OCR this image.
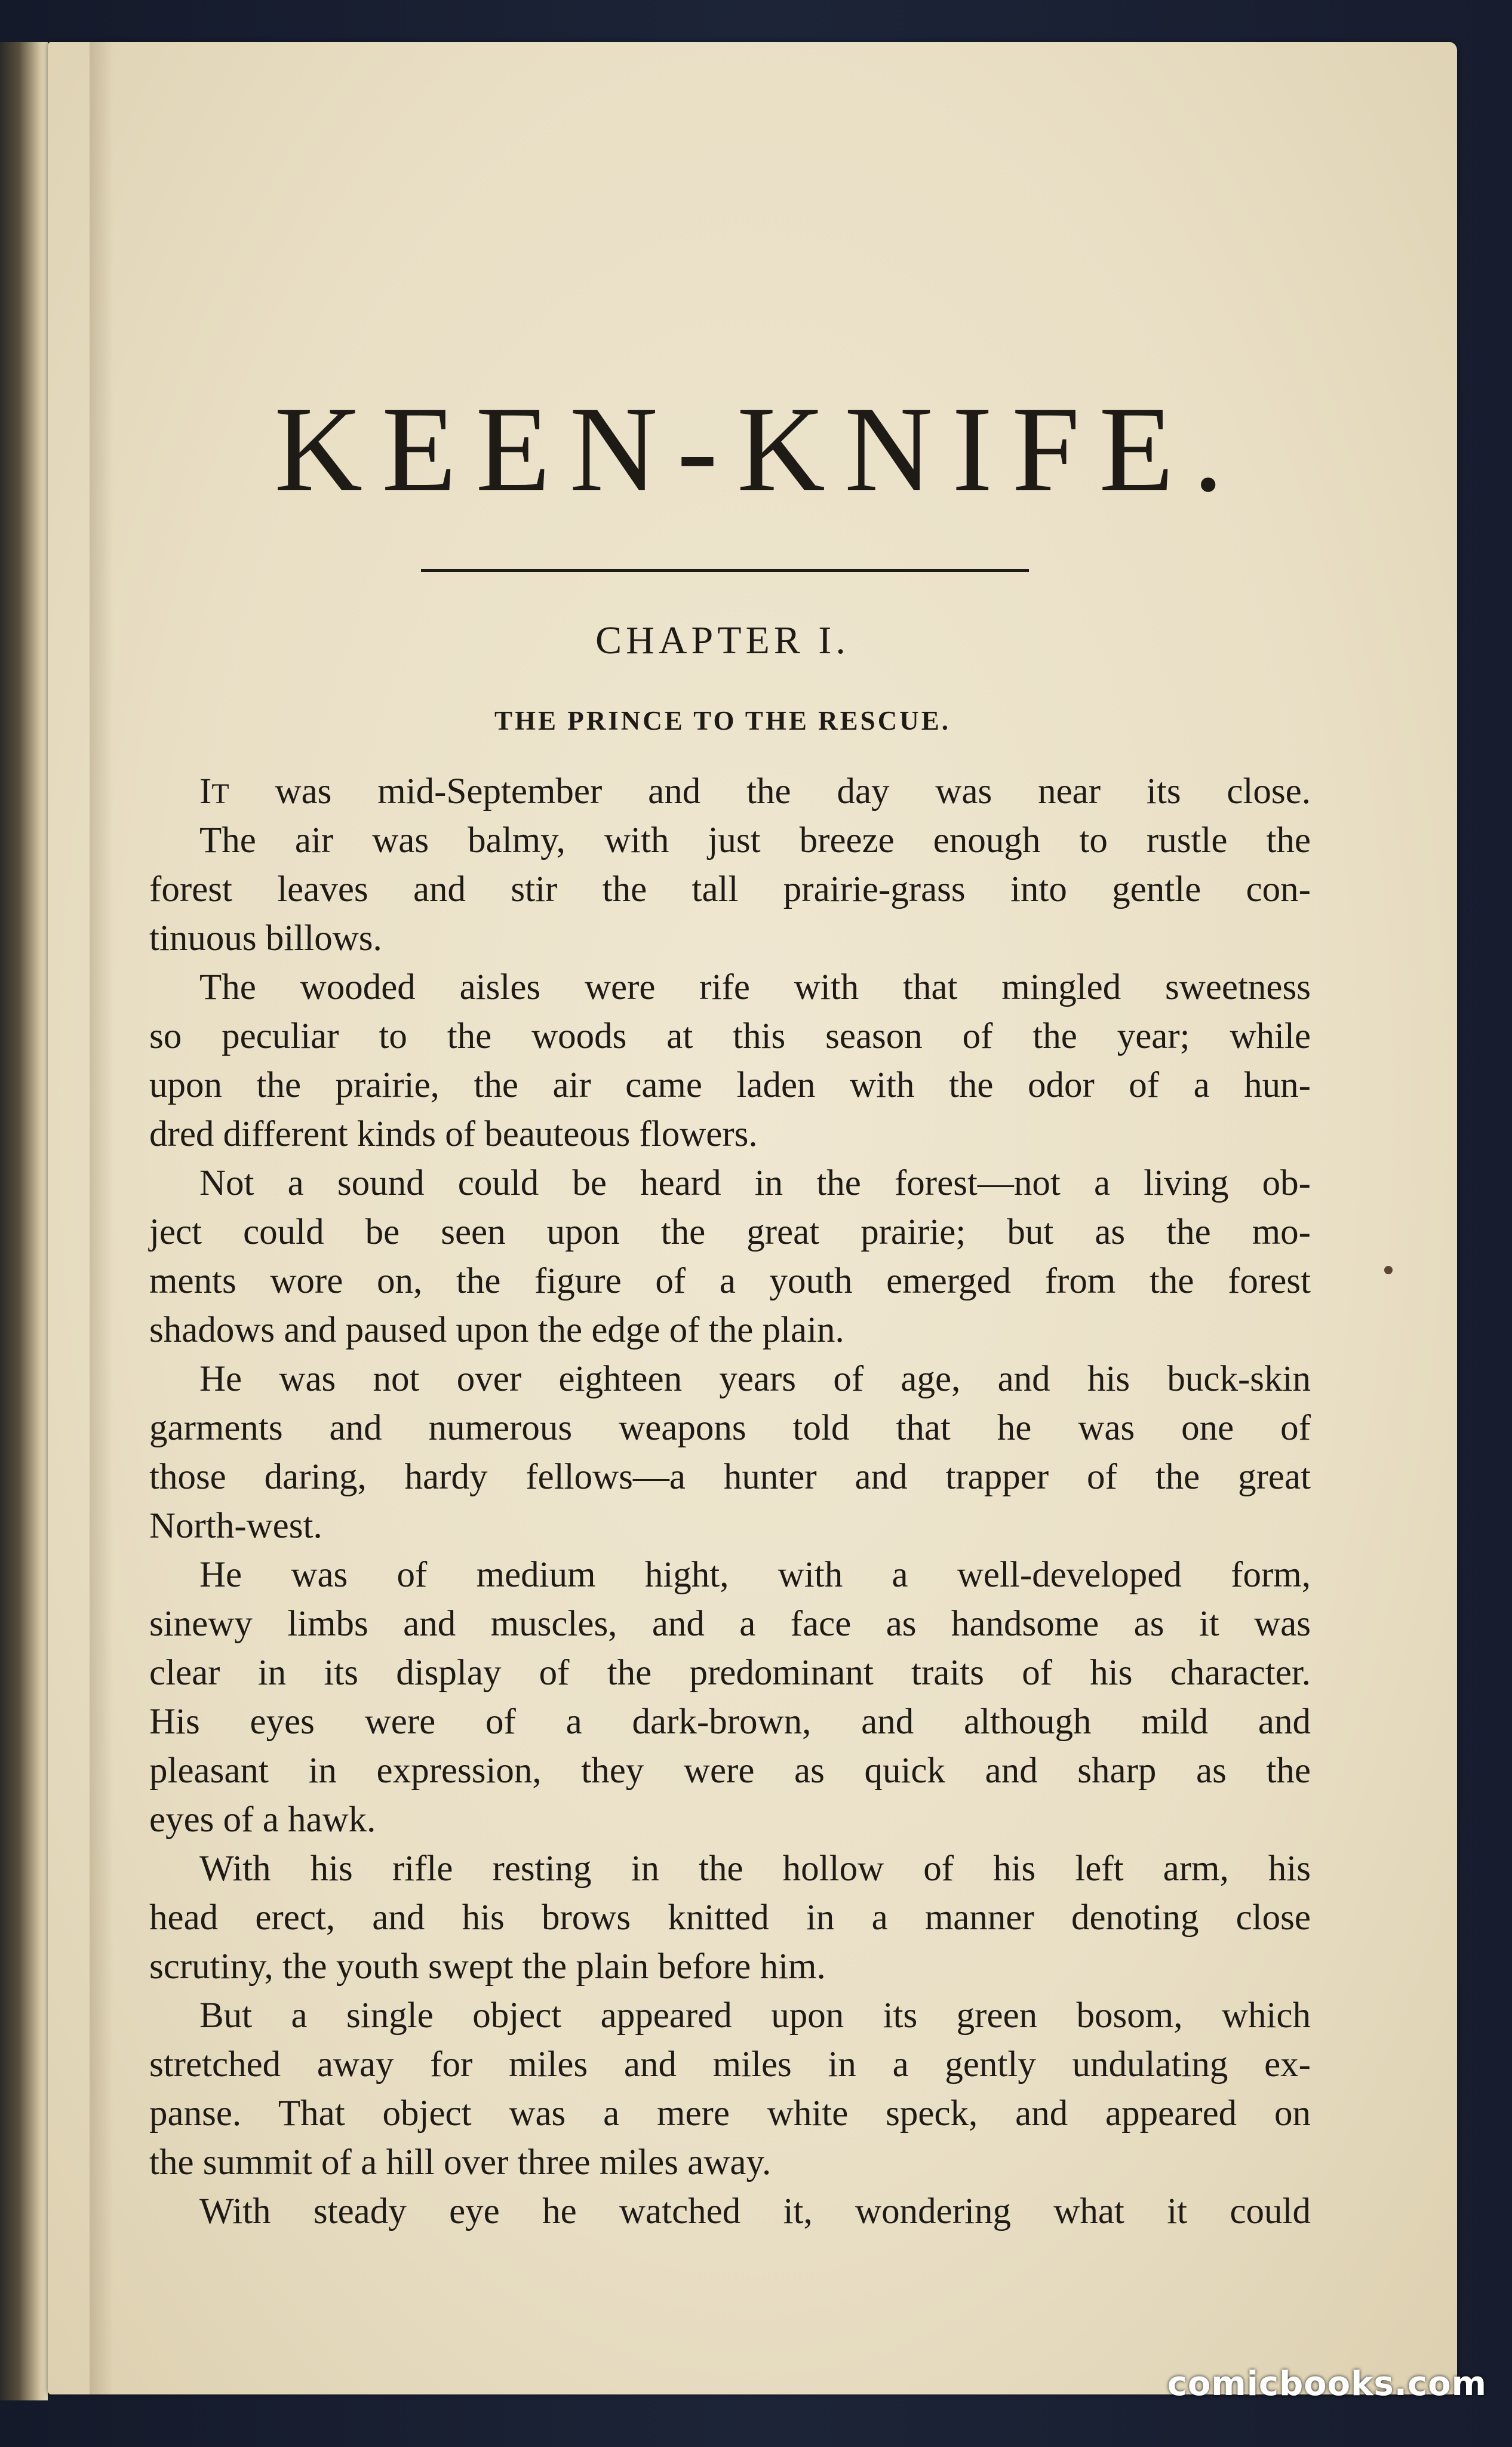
KEEN-KNIFE.
CHAPTER I.
THE PRINCE TO THE RESCUE.
IT was mid-September and the day was near its close.
The air was balmy, with just breeze enough to rustle the
forest leaves and stir the tall prairie-grass into gentle con-
tinuous billows.
The wooded aisles were rife with that mingled sweetness
so peculiar to the woods at this season of the year; while
upon the prairie, the air came laden with the odor of a hun-
dred different kinds of beauteous flowers.
Not a sound could be heard in the forest—not a living ob-
ject could be seen upon the great prairie; but as the mo-
ments wore on, the figure of a youth emerged from the forest
shadows and paused upon the edge of the plain.
He was not over eighteen years of age, and his buck-skin
garments and numerous weapons told that he was one of
those daring, hardy fellows—a hunter and trapper of the great
North-west.
He was of medium hight, with a well-developed form,
sinewy limbs and muscles, and a face as handsome as it was
clear in its display of the predominant traits of his character.
His eyes were of a dark-brown, and although mild and
pleasant in expression, they were as quick and sharp as the
eyes of a hawk.
With his rifle resting in the hollow of his left arm, his
head erect, and his brows knitted in a manner denoting close
scrutiny, the youth swept the plain before him.
But a single object appeared upon its green bosom, which
stretched away for miles and miles in a gently undulating ex-
panse. That object was a mere white speck, and appeared on
the summit of a hill over three miles away.
With steady eye he watched it, wondering what it could

comicbooks.com
